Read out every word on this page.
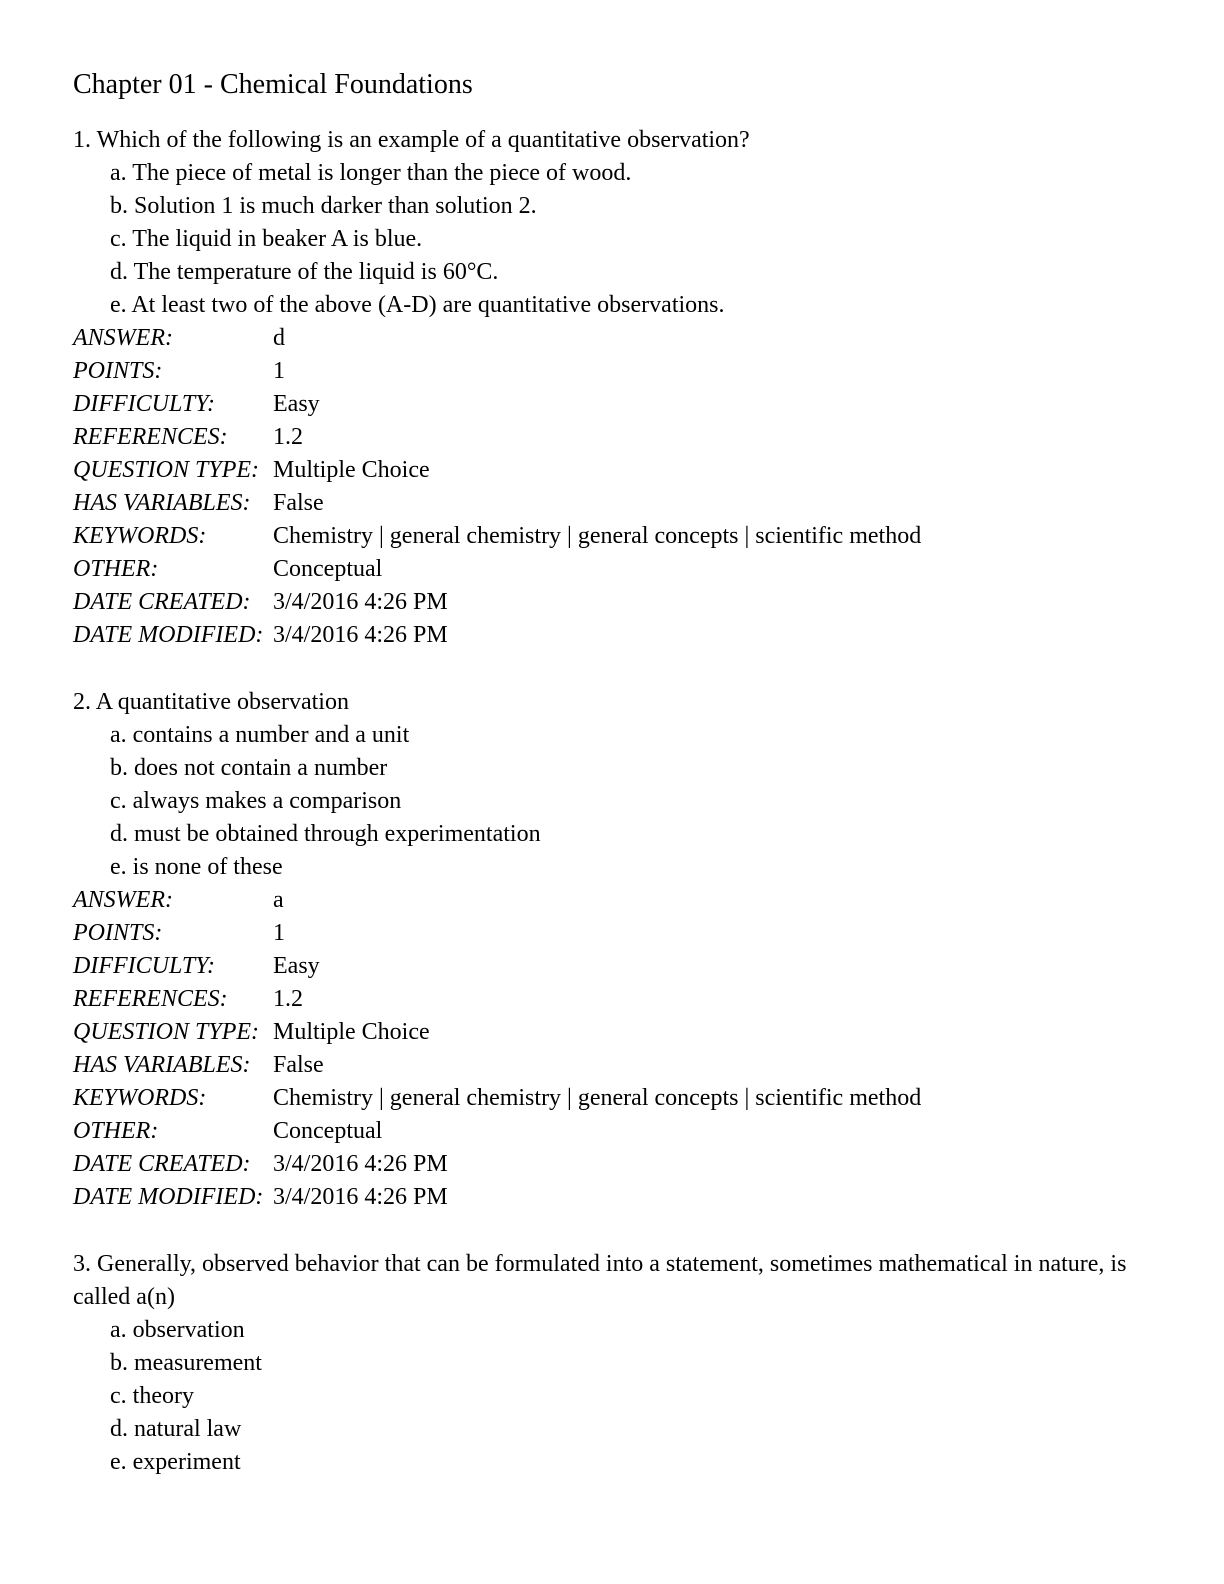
Chapter 01 - Chemical Foundations

1. Which of the following is an example of a quantitative observation?

a. The piece of metal is longer than the piece of wood.

b. Solution 1 is much darker than solution 2.

c. The liquid in beaker A is blue.

d. The temperature of the liquid is 60°C.

e. At least two of the above (A-D) are quantitative observations.

ANSWER:	d
POINTS:	1
DIFFICULTY:	Easy
REFERENCES:	1.2
QUESTION TYPE: Multiple Choice
HAS VARIABLES: False
KEYWORDS:	Chemistry | general chemistry | general concepts | scientific method
OTHER:	Conceptual
DATE CREATED: 3/4/2016 4:26 PM
DATE MODIFIED: 3/4/2016 4:26 PM

2. A quantitative observation

a. contains a number and a unit

b. does not contain a number

c. always makes a comparison

d. must be obtained through experimentation

e. is none of these

ANSWER:	a
POINTS:	1
DIFFICULTY:	Easy
REFERENCES:	1.2
QUESTION TYPE: Multiple Choice
HAS VARIABLES: False
KEYWORDS:	Chemistry | general chemistry | general concepts | scientific method
OTHER:	Conceptual
DATE CREATED: 3/4/2016 4:26 PM
DATE MODIFIED: 3/4/2016 4:26 PM

3. Generally, observed behavior that can be formulated into a statement, sometimes mathematical in nature, is called a(n)

a. observation

b. measurement

c. theory

d. natural law

e. experiment
